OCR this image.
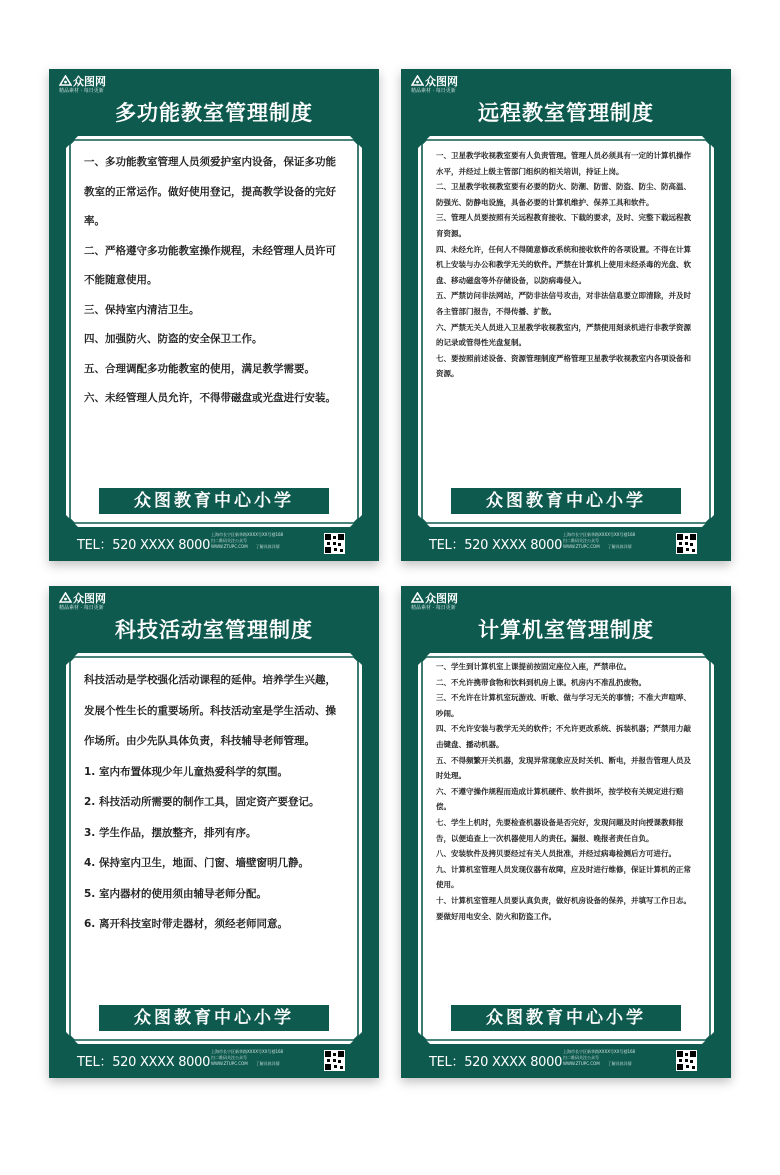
众图网
精品素材 · 每日更新
多功能教室管理制度

一、多功能教室管理人员须爱护室内设备，保证多功能教室的正常运作。做好使用登记，提高教学设备的完好率。

二、严格遵守多功能教室操作规程，未经管理人员许可不能随意使用。

三、保持室内清洁卫生。

四、加强防火、防盗的安全保卫工作。

五、合理调配多功能教室的使用，满足教学需要。

六、未经管理人员允许，不得带磁盘或光盘进行安装。

众图教育中心小学
TEL：520 XXXX 8000
上海市长宁区新华路XXXX号XX号楼168扫二维码关注公众号
WWW.ZTUPC.COM 了解具体详情
众图网
精品素材 · 每日更新
远程教室管理制度

一、卫星教学收视教室要有人负责管理。管理人员必须具有一定的计算机操作水平，并经过上级主管部门组织的相关培训，持证上岗。

二、卫星教学收视教室要有必要的防火、防潮、防雷、防盗、防尘、防高温、防强光、防静电设施，具备必要的计算机维护、保养工具和软件。

三、管理人员要按照有关远程教育接收、下载的要求，及时、完整下载远程教育资源。

四、未经允许，任何人不得随意修改系统和接收软件的各项设置。不得在计算机上安装与办公和教学无关的软件。严禁在计算机上使用未经杀毒的光盘、软盘、移动磁盘等外存储设备，以防病毒侵入。

五、严禁访问非法网站，严防非法信号攻击，对非法信息要立即清除，并及时各主管部门报告，不得传播、扩散。

六、严禁无关人员进入卫星教学收视教室内，严禁使用刻录机进行非教学资源的记录或管得性光盘复制。

七、要按照前述设备、资源管理制度严格管理卫星教学收视教室内各项设备和资源。

众图教育中心小学
TEL：520 XXXX 8000
上海市长宁区新华路XXXX号XX号楼168扫二维码关注公众号
WWW.ZTUPC.COM 了解具体详情
众图网
精品素材 · 每日更新
科技活动室管理制度

科技活动是学校强化活动课程的延伸。培养学生兴趣，发展个性生长的重要场所。科技活动室是学生活动、操作场所。由少先队具体负责，科技辅导老师管理。

1. 室内布置体现少年儿童热爱科学的氛围。

2. 科技活动所需要的制作工具，固定资产要登记。

3. 学生作品，摆放整齐，排列有序。

4. 保持室内卫生，地面、门窗、墙壁窗明几静。

5. 室内器材的使用须由辅导老师分配。

6. 离开科技室时带走器材，须经老师同意。

众图教育中心小学
TEL：520 XXXX 8000
上海市长宁区新华路XXXX号XX号楼168扫二维码关注公众号
WWW.ZTUPC.COM 了解具体详情
众图网
精品素材 · 每日更新
计算机室管理制度

一、学生到计算机室上课提前按固定座位入座，严禁串位。

二、不允许携带食物和饮料到机房上课。机房内不准乱扔废物。

三、不允许在计算机室玩游戏、听歌、做与学习无关的事情；不准大声喧哗、吵闹。

四、不允许安装与教学无关的软件；不允许更改系统、拆装机器；严禁用力敲击键盘、播动机器。

五、不得频繁开关机器，发现异常现象应及时关机、断电，并报告管理人员及时处理。

六、不遵守操作规程而造成计算机硬件、软件损坏，按学校有关规定进行赔偿。

七、学生上机时，先要检查机器设备是否完好，发现问题及时向授课教师报告，以便追查上一次机器使用人的责任。漏报、晚报者责任自负。

八、安装软件及拷贝要经过有关人员批准，并经过病毒检测后方可进行。

九、计算机室管理人员发现仪器有故障，应及时进行维修，保证计算机的正常使用。

十、计算机室管理人员要认真负责，做好机房设备的保养，并填写工作日志。要做好用电安全、防火和防盗工作。

众图教育中心小学
TEL：520 XXXX 8000
上海市长宁区新华路XXXX号XX号楼168扫二维码关注公众号
WWW.ZTUPC.COM 了解具体详情
